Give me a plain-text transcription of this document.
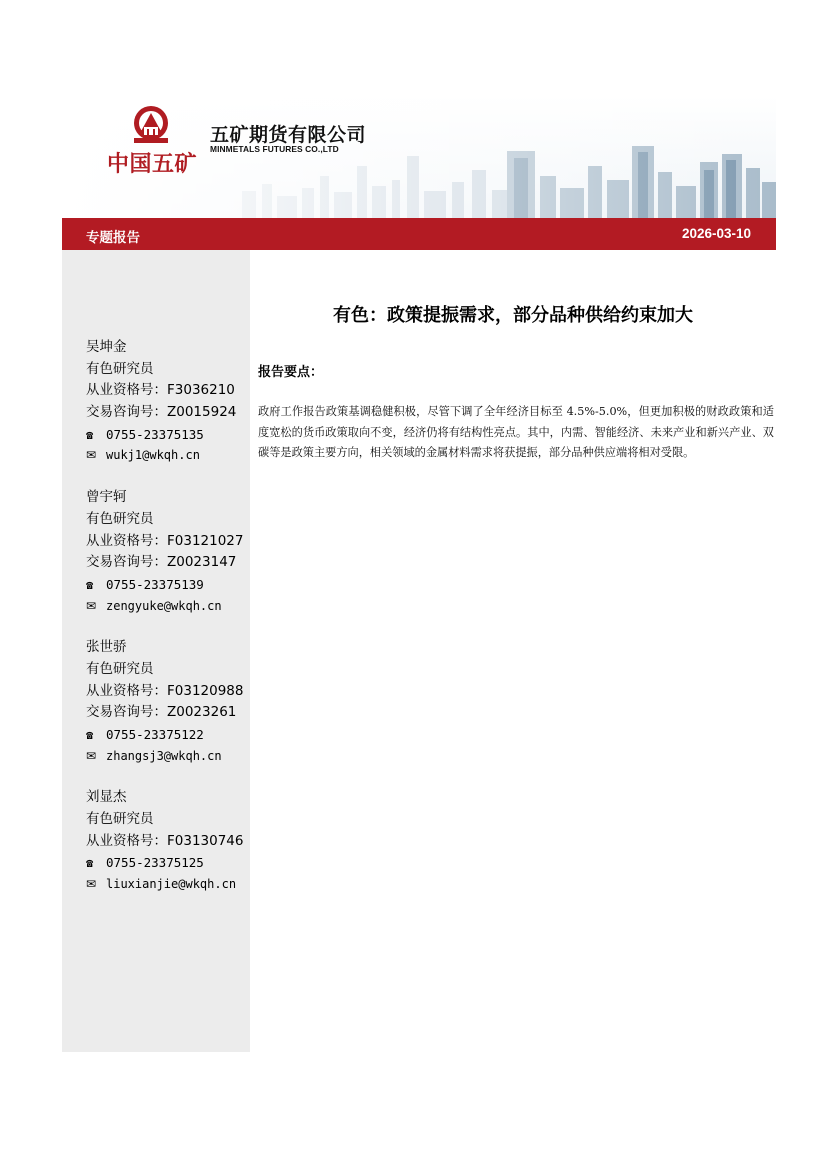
中国五矿
五矿期货有限公司
MINMETALS FUTURES CO.,LTD
专题报告	2026-03-10
吴坤金
有色研究员
从业资格号：F3036210
交易咨询号：Z0015924
☎ 0755-23375135
✉ wukj1@wkqh.cn
曾宇轲
有色研究员
从业资格号：F03121027
交易咨询号：Z0023147
☎ 0755-23375139
✉ zengyuke@wkqh.cn
张世骄
有色研究员
从业资格号：F03120988
交易咨询号：Z0023261
☎ 0755-23375122
✉ zhangsj3@wkqh.cn
刘显杰
有色研究员
从业资格号：F03130746
☎ 0755-23375125
✉ liuxianjie@wkqh.cn
有色：政策提振需求，部分品种供给约束加大
报告要点：
政府工作报告政策基调稳健积极，尽管下调了全年经济目标至 4.5%-5.0%，但更加积极的财政政策和适度宽松的货币政策取向不变，经济仍将有结构性亮点。其中，内需、智能经济、未来产业和新兴产业、双碳等是政策主要方向，相关领域的金属材料需求将获提振，部分品种供应端将相对受限。
